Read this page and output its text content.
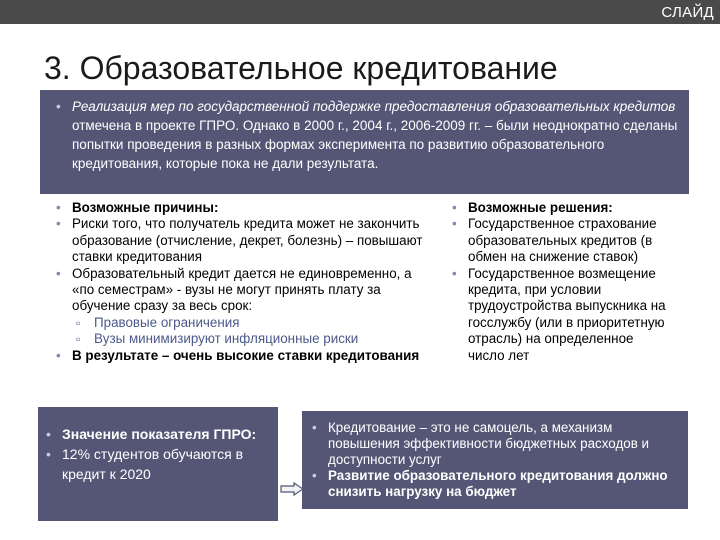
СЛАЙД
3. Образовательное кредитование
• Реализация мер по государственной поддержке предоставления образовательных кредитов отмечена в проекте ГПРО. Однако в 2000 г., 2004 г., 2006-2009 гг. – были неоднократно сделаны попытки проведения в разных формах эксперимента по развитию образовательного кредитования, которые пока не дали результата.
• Возможные причины:
• Риски того, что получатель кредита может не закончить образование (отчисление, декрет, болезнь) – повышают ставки кредитования
• Образовательный кредит дается не единовременно, а «по семестрам» - вузы не могут принять плату за обучение сразу за весь срок:
▫ Правовые ограничения
▫ Вузы минимизируют инфляционные риски
• В результате – очень высокие ставки кредитования
• Возможные решения:
• Государственное страхование образовательных кредитов (в обмен на снижение ставок)
• Государственное возмещение кредита, при условии трудоустройства выпускника на госслужбу (или в приоритетную отрасль) на определенное число лет
• Значение показателя ГПРО:
• 12% студентов обучаются в кредит к 2020
• Кредитование – это не самоцель, а механизм повышения эффективности бюджетных расходов и доступности услуг
• Развитие образовательного кредитования должно снизить нагрузку на бюджет
